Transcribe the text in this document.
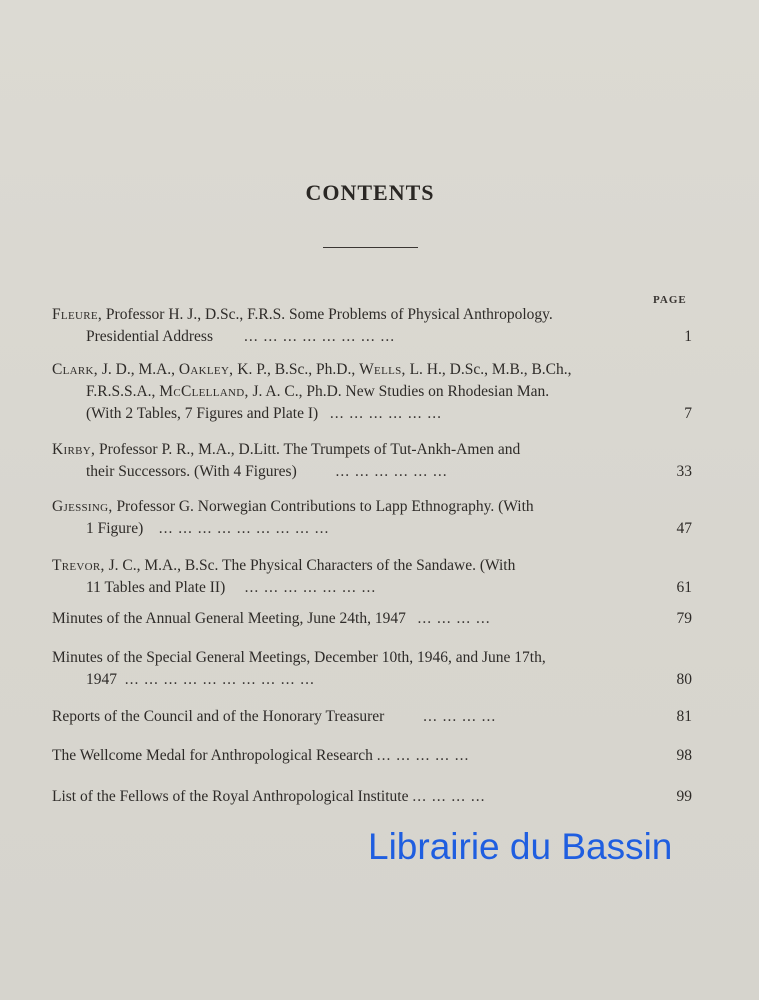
CONTENTS
PAGE
Fleure, Professor H. J., D.Sc., F.R.S. Some Problems of Physical Anthropology.
Presidential Address ... ... ... ... ... ... ... ...	1
Clark, J. D., M.A., Oakley, K. P., B.Sc., Ph.D., Wells, L. H., D.Sc., M.B., B.Ch.,
F.R.S.S.A., McClelland, J. A. C., Ph.D. New Studies on Rhodesian Man.
(With 2 Tables, 7 Figures and Plate I) ... ... ... ... ... ...	7
Kirby, Professor P. R., M.A., D.Litt. The Trumpets of Tut-Ankh-Amen and
their Successors. (With 4 Figures)	... ... ... ... ... ...	33
Gjessing, Professor G. Norwegian Contributions to Lapp Ethnography. (With
1 Figure) ... ... ... ... ... ... ... ... ...	47
Trevor, J. C., M.A., B.Sc. The Physical Characters of the Sandawe. (With
11 Tables and Plate II) ... ... ... ... ... ... ...	61
Minutes of the Annual General Meeting, June 24th, 1947 ... ... ... ...	79
Minutes of the Special General Meetings, December 10th, 1946, and June 17th,
1947 ... ... ... ... ... ... ... ... ... ...	80
Reports of the Council and of the Honorary Treasurer	... ... ... ...	81
The Wellcome Medal for Anthropological Research ... ... ... ... ...	98
List of the Fellows of the Royal Anthropological Institute ... ... ... ...	99
Librairie du Bassin
